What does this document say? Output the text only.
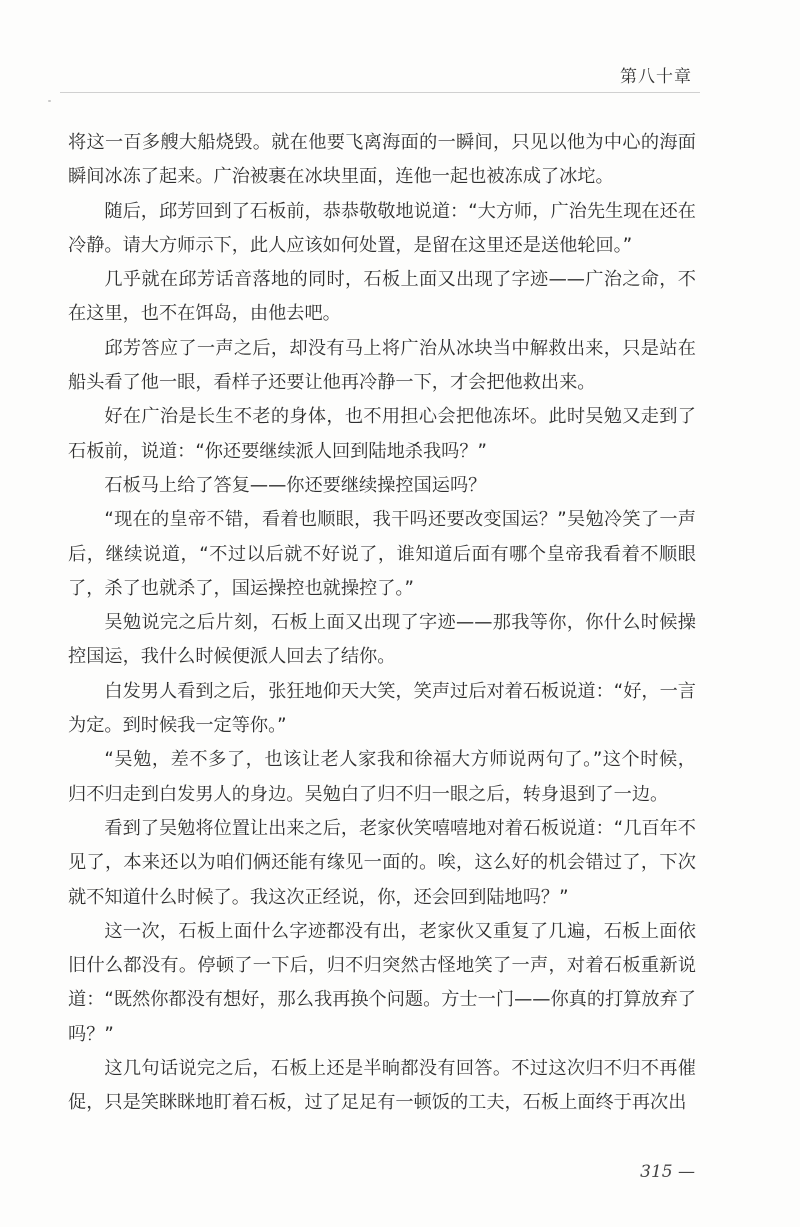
第八十章

将这一百多艘大船烧毁。就在他要飞离海面的一瞬间，只见以他为中心的海面瞬间冰冻了起来。广治被裹在冰块里面，连他一起也被冻成了冰坨。

随后，邱芳回到了石板前，恭恭敬敬地说道：“大方师，广治先生现在还在冷静。请大方师示下，此人应该如何处置，是留在这里还是送他轮回。”

几乎就在邱芳话音落地的同时，石板上面又出现了字迹——广治之命，不在这里，也不在饵岛，由他去吧。

邱芳答应了一声之后，却没有马上将广治从冰块当中解救出来，只是站在船头看了他一眼，看样子还要让他再冷静一下，才会把他救出来。

好在广治是长生不老的身体，也不用担心会把他冻坏。此时吴勉又走到了石板前，说道：“你还要继续派人回到陆地杀我吗？”

石板马上给了答复——你还要继续操控国运吗？

“现在的皇帝不错，看着也顺眼，我干吗还要改变国运？”吴勉冷笑了一声后，继续说道，“不过以后就不好说了，谁知道后面有哪个皇帝我看着不顺眼了，杀了也就杀了，国运操控也就操控了。”

吴勉说完之后片刻，石板上面又出现了字迹——那我等你，你什么时候操控国运，我什么时候便派人回去了结你。

白发男人看到之后，张狂地仰天大笑，笑声过后对着石板说道：“好，一言为定。到时候我一定等你。”

“吴勉，差不多了，也该让老人家我和徐福大方师说两句了。”这个时候，归不归走到白发男人的身边。吴勉白了归不归一眼之后，转身退到了一边。

看到了吴勉将位置让出来之后，老家伙笑嘻嘻地对着石板说道：“几百年不见了，本来还以为咱们俩还能有缘见一面的。唉，这么好的机会错过了，下次就不知道什么时候了。我这次正经说，你，还会回到陆地吗？”

这一次，石板上面什么字迹都没有出，老家伙又重复了几遍，石板上面依旧什么都没有。停顿了一下后，归不归突然古怪地笑了一声，对着石板重新说道：“既然你都没有想好，那么我再换个问题。方士一门——你真的打算放弃了吗？”

这几句话说完之后，石板上还是半晌都没有回答。不过这次归不归不再催促，只是笑眯眯地盯着石板，过了足足有一顿饭的工夫，石板上面终于再次出

315 —
